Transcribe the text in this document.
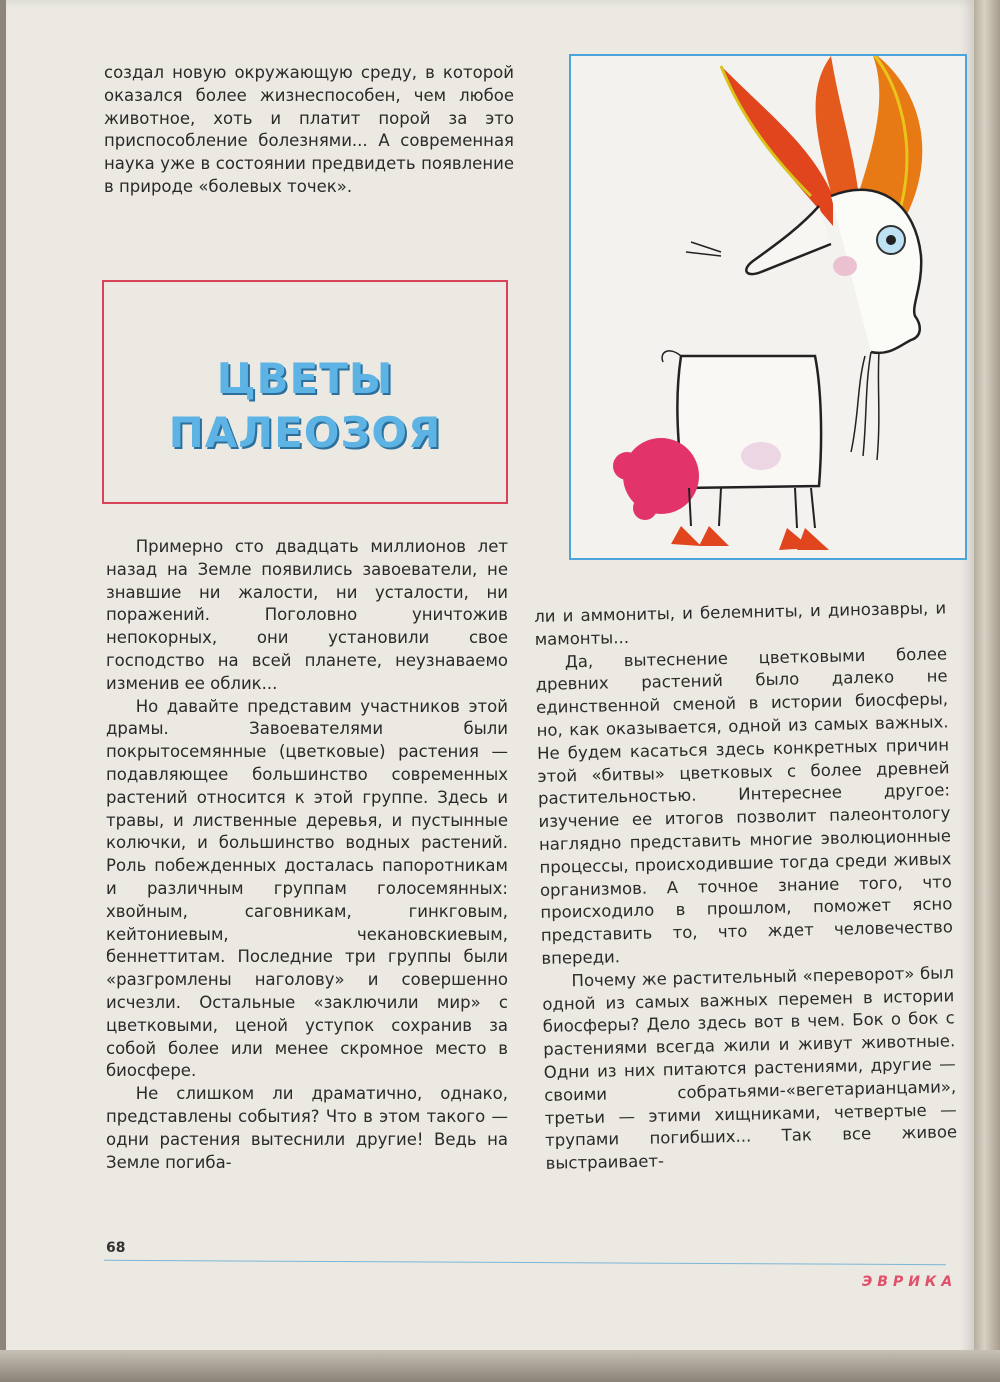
создал новую окружающую среду, в которой оказался более жизнеспособен, чем любое животное, хоть и платит порой за это приспособление болезнями... А современная наука уже в состоянии предвидеть появление в природе «болевых точек».

ЦВЕТЫ
ПАЛЕОЗОЯ

Примерно сто двадцать миллионов лет назад на Земле появились завоеватели, не знавшие ни жалости, ни усталости, ни поражений. Поголовно уничтожив непокорных, они установили свое господство на всей планете, неузнаваемо изменив ее облик...

Но давайте представим участников этой драмы. Завоевателями были покрытосемянные (цветковые) растения — подавляющее большинство современных растений относится к этой группе. Здесь и травы, и лиственные деревья, и пустынные колючки, и большинство водных растений. Роль побежденных досталась папоротникам и различным группам голосемянных: хвойным, саговникам, гинкговым, кейтониевым, чекановскиевым, беннеттитам. Последние три группы были «разгромлены наголову» и совершенно исчезли. Остальные «заключили мир» с цветковыми, ценой уступок сохранив за собой более или менее скромное место в биосфере.

Не слишком ли драматично, однако, представлены события? Что в этом такого — одни растения вытеснили другие! Ведь на Земле погиба-

ли и аммониты, и белемниты, и динозавры, и мамонты...

Да, вытеснение цветковыми более древних растений было далеко не единственной сменой в истории биосферы, но, как оказывается, одной из самых важных. Не будем касаться здесь конкретных причин этой «битвы» цветковых с более древней растительностью. Интереснее другое: изучение ее итогов позволит палеонтологу наглядно представить многие эволюционные процессы, происходившие тогда среди живых организмов. А точное знание того, что происходило в прошлом, поможет ясно представить то, что ждет человечество впереди.

Почему же растительный «переворот» был одной из самых важных перемен в истории биосферы? Дело здесь вот в чем. Бок о бок с растениями всегда жили и живут животные. Одни из них питаются растениями, другие — своими собратьями-«вегетарианцами», третьи — этими хищниками, четвертые — трупами погибших... Так все живое выстраивает-

68
ЭВРИКА
